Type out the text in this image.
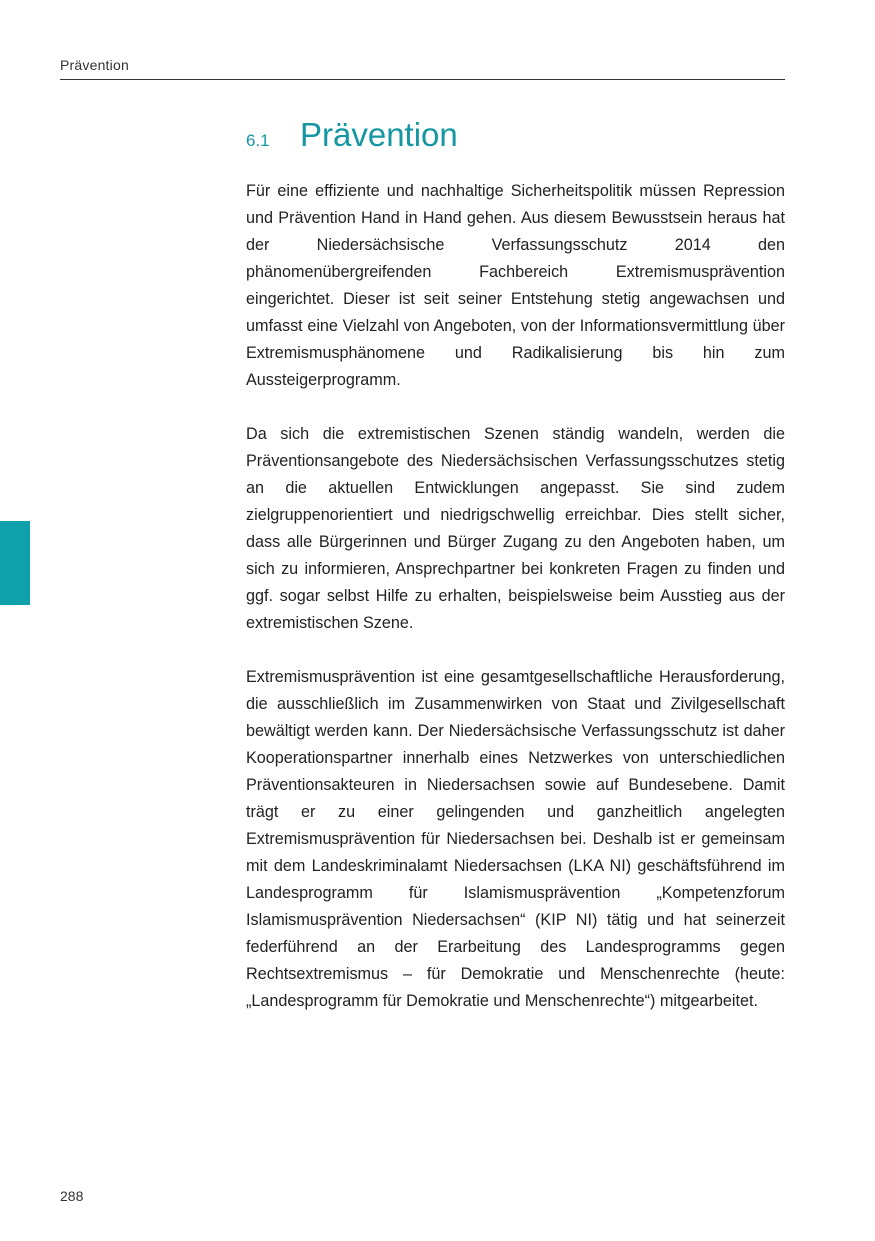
Prävention
6.1 Prävention

Für eine effiziente und nachhaltige Sicherheitspolitik müssen Repression und Prävention Hand in Hand gehen. Aus diesem Bewusstsein heraus hat der Niedersächsische Verfassungsschutz 2014 den phänomenübergreifenden Fachbereich Extremismusprävention eingerichtet. Dieser ist seit seiner Entstehung stetig angewachsen und umfasst eine Vielzahl von Angeboten, von der Informationsvermittlung über Extremismusphänomene und Radikalisierung bis hin zum Aussteigerprogramm.

Da sich die extremistischen Szenen ständig wandeln, werden die Präventionsangebote des Niedersächsischen Verfassungsschutzes stetig an die aktuellen Entwicklungen angepasst. Sie sind zudem zielgruppenorientiert und niedrigschwellig erreichbar. Dies stellt sicher, dass alle Bürgerinnen und Bürger Zugang zu den Angeboten haben, um sich zu informieren, Ansprechpartner bei konkreten Fragen zu finden und ggf. sogar selbst Hilfe zu erhalten, beispielsweise beim Ausstieg aus der extremistischen Szene.

Extremismusprävention ist eine gesamtgesellschaftliche Herausforderung, die ausschließlich im Zusammenwirken von Staat und Zivilgesellschaft bewältigt werden kann. Der Niedersächsische Verfassungsschutz ist daher Kooperationspartner innerhalb eines Netzwerkes von unterschiedlichen Präventionsakteuren in Niedersachsen sowie auf Bundesebene. Damit trägt er zu einer gelingenden und ganzheitlich angelegten Extremismusprävention für Niedersachsen bei. Deshalb ist er gemeinsam mit dem Landeskriminalamt Niedersachsen (LKA NI) geschäftsführend im Landesprogramm für Islamismusprävention „Kompetenzforum Islamismusprävention Niedersachsen“ (KIP NI) tätig und hat seinerzeit federführend an der Erarbeitung des Landesprogramms gegen Rechtsextremismus – für Demokratie und Menschenrechte (heute: „Landesprogramm für Demokratie und Menschenrechte“) mitgearbeitet.

288
